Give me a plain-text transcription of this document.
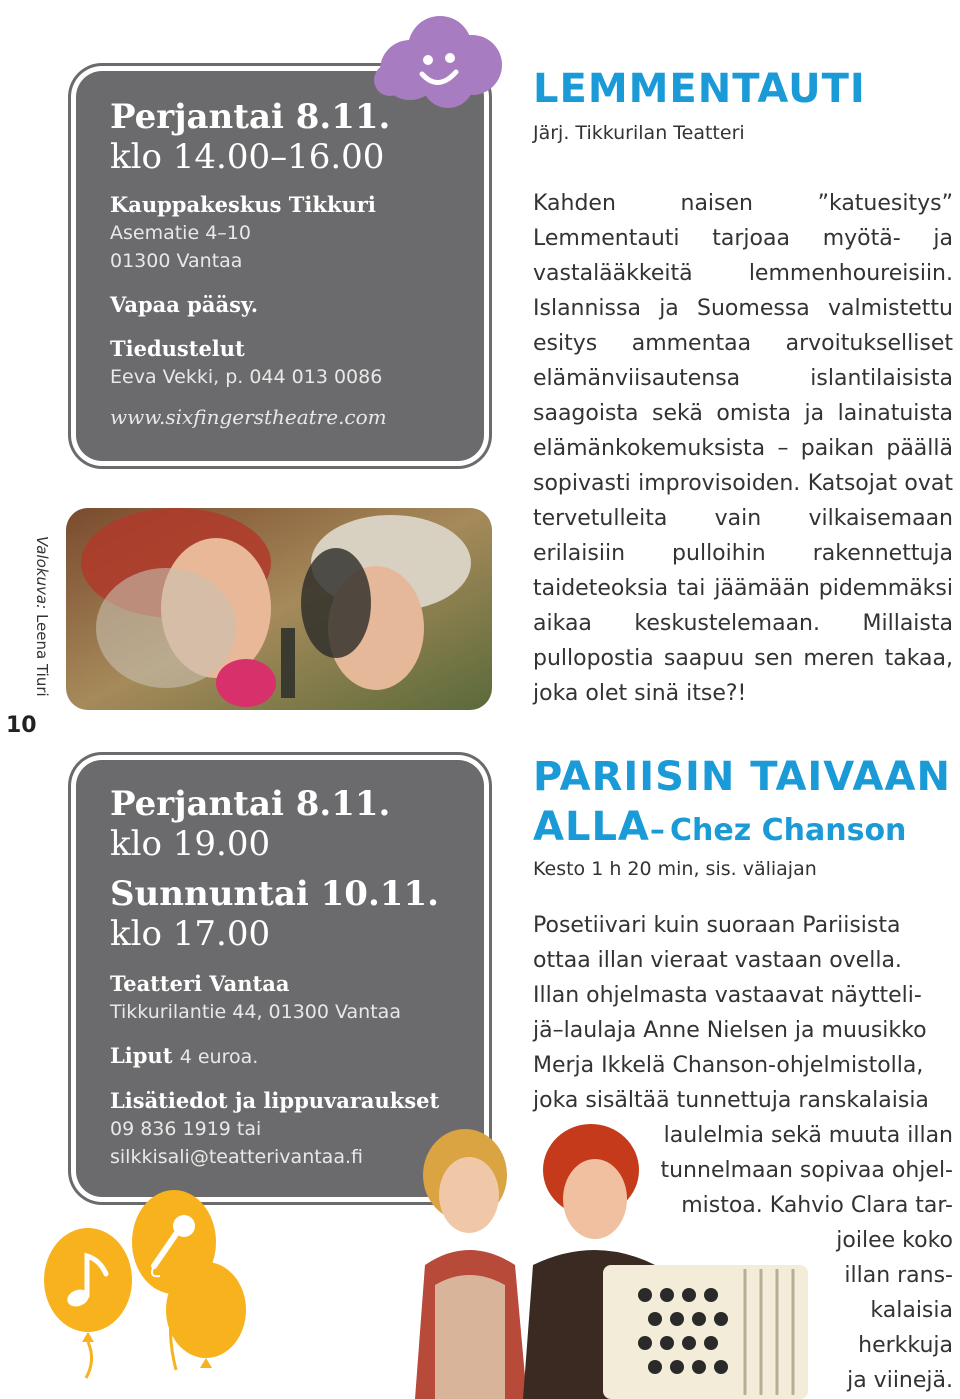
Perjantai 8.11.

klo 14.00–16.00

Kauppakeskus Tikkuri

Asematie 4–10

01300 Vantaa

Vapaa pääsy.

Tiedustelut

Eeva Vekki, p. 044 013 0086

www.sixfingerstheatre.com

Valokuva: Leena Tiuri
10

Perjantai 8.11.

klo 19.00

Sunnuntai 10.11.

klo 17.00

Teatteri Vantaa

Tikkurilantie 44, 01300 Vantaa

Liput 4 euroa.

Lisätiedot ja lippuvaraukset

09 836 1919 tai

silkkisali@teatterivantaa.fi

LEMMENTAUTI

Järj. Tikkurilan Teatteri

Kahden naisen ”katuesitys” Lemmentauti tarjoaa myötä- ja vastalääkkeitä lemmenhoureisiin. Islannissa ja Suomessa valmistettu esitys ammentaa arvoitukselliset elämänviisautensa islantilaisista saagoista sekä omista ja lainatuista elämänkokemuksista – paikan päällä sopivasti improvisoiden. Katsojat ovat tervetulleita vain vilkaisemaan erilaisiin pulloihin rakennettuja taideteoksia tai jäämään pidemmäksi aikaa keskustelemaan. Millaista pullopostia saapuu sen meren takaa, joka olet sinä itse?!

PARIISIN TAIVAAN

ALLA– Chez Chanson

Kesto 1 h 20 min, sis. väliajan

Posetiivari kuin suoraan Pariisista

ottaa illan vieraat vastaan ovella.

Illan ohjelmasta vastaavat näytteli-

jä–laulaja Anne Nielsen ja muusikko

Merja Ikkelä Chanson-ohjelmistolla,

joka sisältää tunnettuja ranskalaisia

laulelmia sekä muuta illan

tunnelmaan sopivaa ohjel-

mistoa. Kahvio Clara tar-

joilee koko

illan rans-

kalaisia

herkkuja

ja viinejä.
